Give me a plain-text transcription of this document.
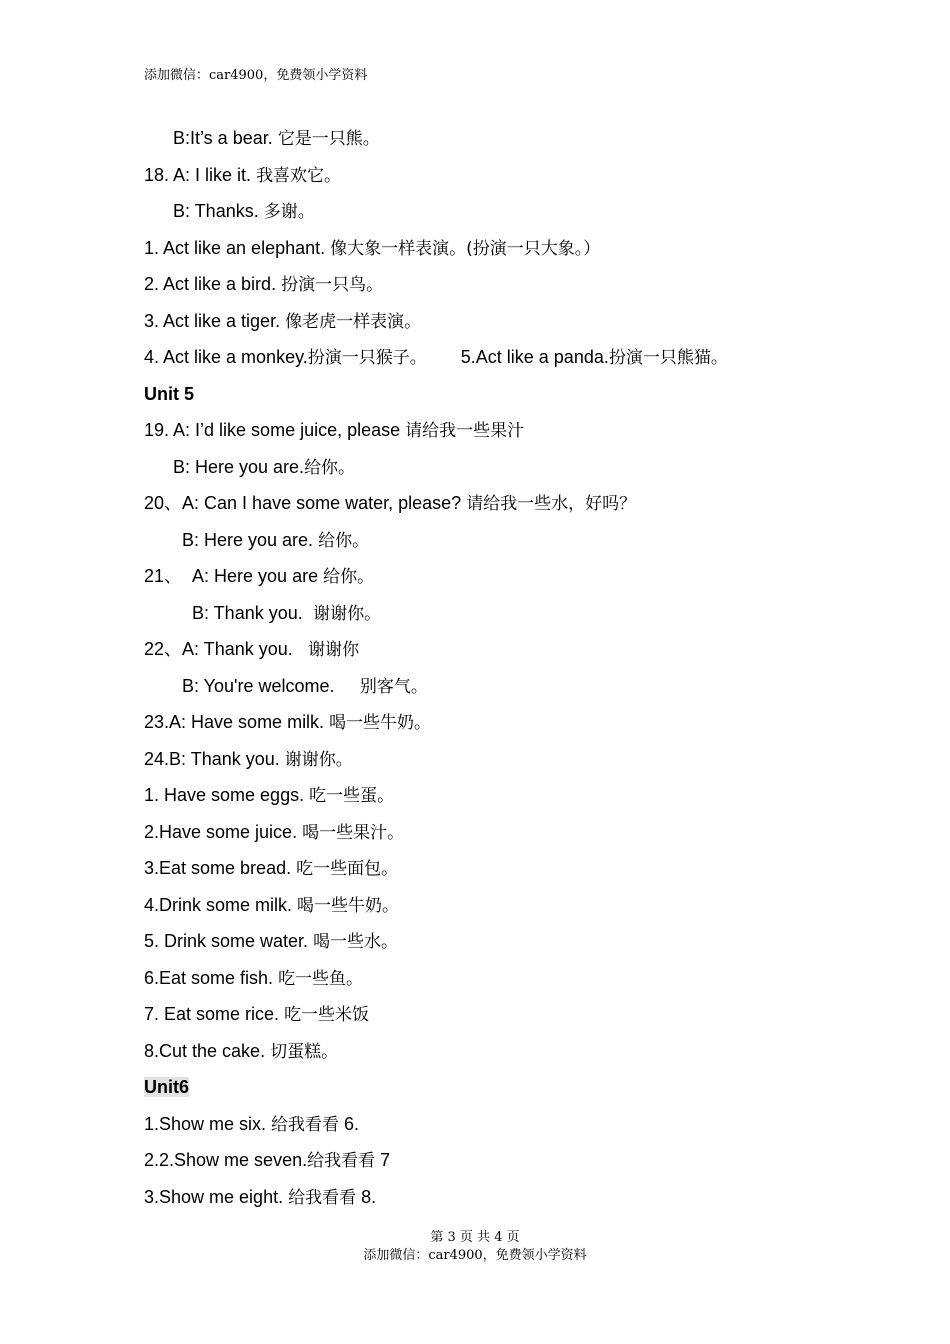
添加微信：car4900，免费领小学资料
B:It’s a bear. 它是一只熊。
18. A: I like it. 我喜欢它。
B: Thanks. 多谢。
1. Act like an elephant. 像大象一样表演。(扮演一只大象。）
2. Act like a bird. 扮演一只鸟。
3. Act like a tiger. 像老虎一样表演。
4. Act like a monkey.扮演一只猴子。 5.Act like a panda.扮演一只熊猫。
Unit 5
19. A: I’d like some juice, please 请给我一些果汁
B: Here you are.给你。
20、A: Can I have some water, please? 请给我一些水，好吗？
B: Here you are. 给你。
21、  A: Here you are 给你。
B: Thank you.  谢谢你。
22、A: Thank you.   谢谢你
B: You're welcome.     别客气。
23.A: Have some milk. 喝一些牛奶。
24.B: Thank you. 谢谢你。
1. Have some eggs. 吃一些蛋。
2.Have some juice. 喝一些果汁。
3.Eat some bread. 吃一些面包。
4.Drink some milk. 喝一些牛奶。
5. Drink some water. 喝一些水。
6.Eat some fish. 吃一些鱼。
7. Eat some rice. 吃一些米饭
8.Cut the cake. 切蛋糕。
Unit6
1.Show me six. 给我看看 6.
2.2.Show me seven.给我看看 7
3.Show me eight. 给我看看 8.
第 3 页 共 4 页
添加微信：car4900，免费领小学资料
